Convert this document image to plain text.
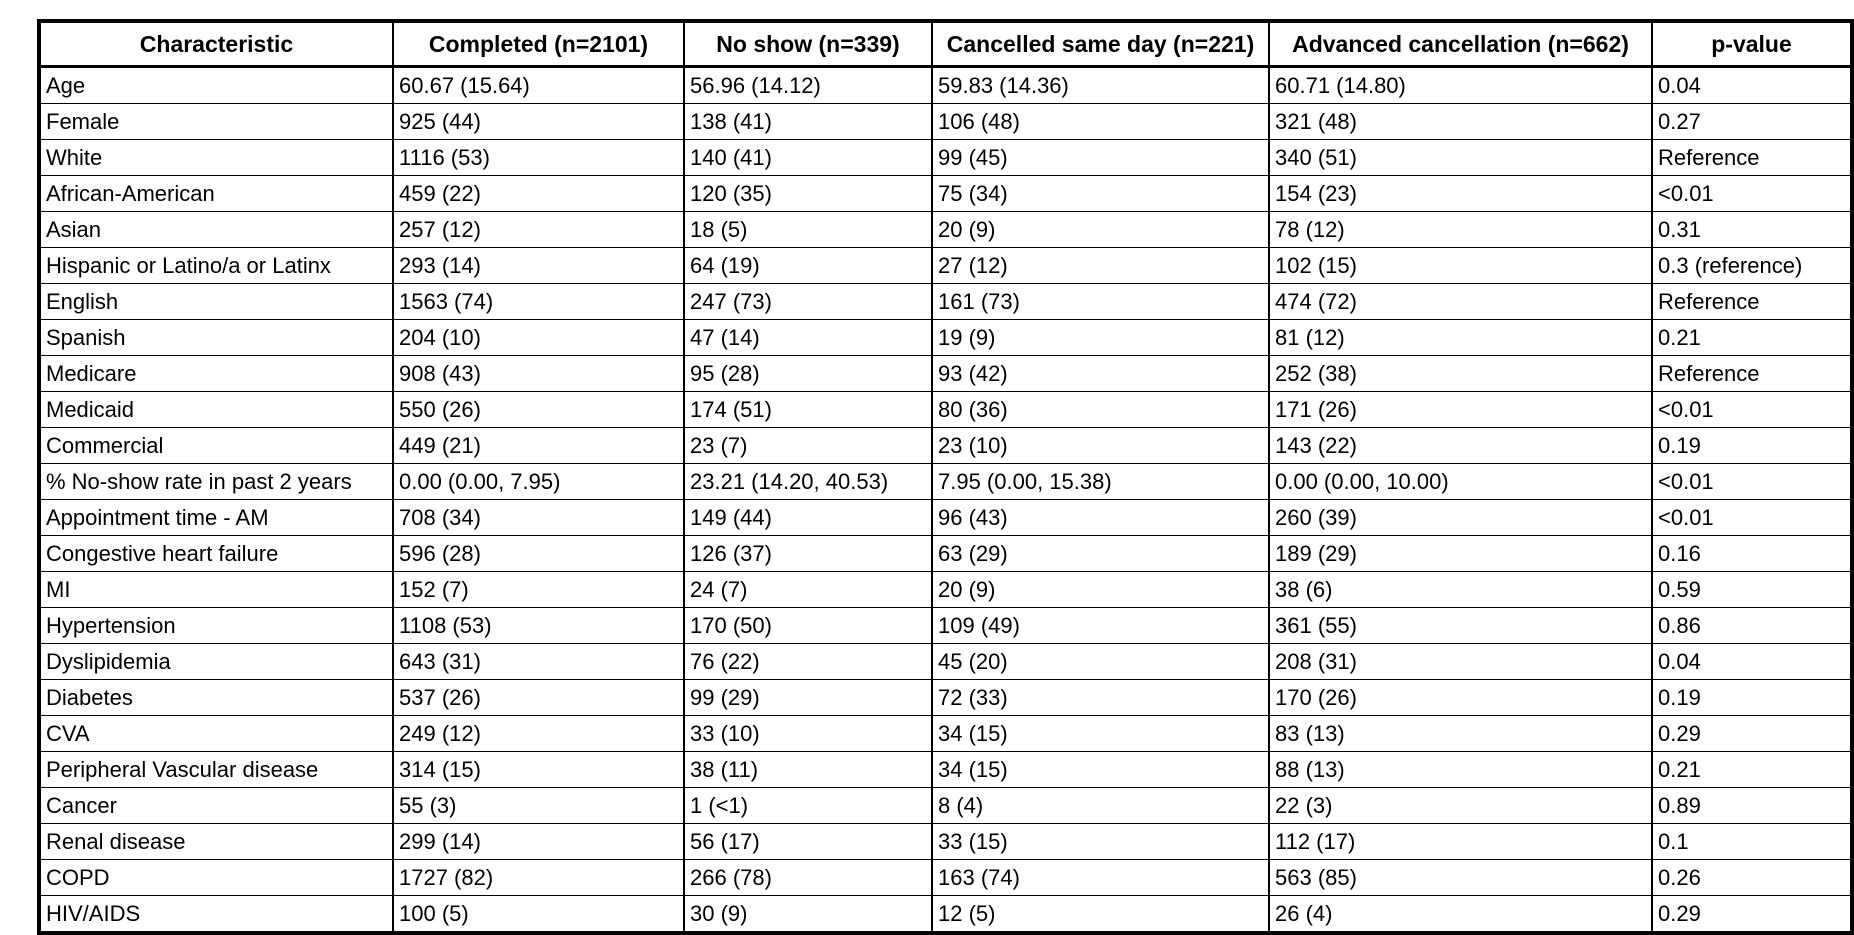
Characteristic	Completed (n=2101)	No show (n=339)	Cancelled same day (n=221)	Advanced cancellation (n=662)	p-value
Age	60.67 (15.64)	56.96 (14.12)	59.83 (14.36)	60.71 (14.80)	0.04
Female	925 (44)	138 (41)	106 (48)	321 (48)	0.27
White	1116 (53)	140 (41)	99 (45)	340 (51)	Reference
African-American	459 (22)	120 (35)	75 (34)	154 (23)	<0.01
Asian	257 (12)	18 (5)	20 (9)	78 (12)	0.31
Hispanic or Latino/a or Latinx	293 (14)	64 (19)	27 (12)	102 (15)	0.3 (reference)
English	1563 (74)	247 (73)	161 (73)	474 (72)	Reference
Spanish	204 (10)	47 (14)	19 (9)	81 (12)	0.21
Medicare	908 (43)	95 (28)	93 (42)	252 (38)	Reference
Medicaid	550 (26)	174 (51)	80 (36)	171 (26)	<0.01
Commercial	449 (21)	23 (7)	23 (10)	143 (22)	0.19
% No-show rate in past 2 years	0.00 (0.00, 7.95)	23.21 (14.20, 40.53)	7.95 (0.00, 15.38)	0.00 (0.00, 10.00)	<0.01
Appointment time - AM	708 (34)	149 (44)	96 (43)	260 (39)	<0.01
Congestive heart failure	596 (28)	126 (37)	63 (29)	189 (29)	0.16
MI	152 (7)	24 (7)	20 (9)	38 (6)	0.59
Hypertension	1108 (53)	170 (50)	109 (49)	361 (55)	0.86
Dyslipidemia	643 (31)	76 (22)	45 (20)	208 (31)	0.04
Diabetes	537 (26)	99 (29)	72 (33)	170 (26)	0.19
CVA	249 (12)	33 (10)	34 (15)	83 (13)	0.29
Peripheral Vascular disease	314 (15)	38 (11)	34 (15)	88 (13)	0.21
Cancer	55 (3)	1 (<1)	8 (4)	22 (3)	0.89
Renal disease	299 (14)	56 (17)	33 (15)	112 (17)	0.1
COPD	1727 (82)	266 (78)	163 (74)	563 (85)	0.26
HIV/AIDS	100 (5)	30 (9)	12 (5)	26 (4)	0.29
